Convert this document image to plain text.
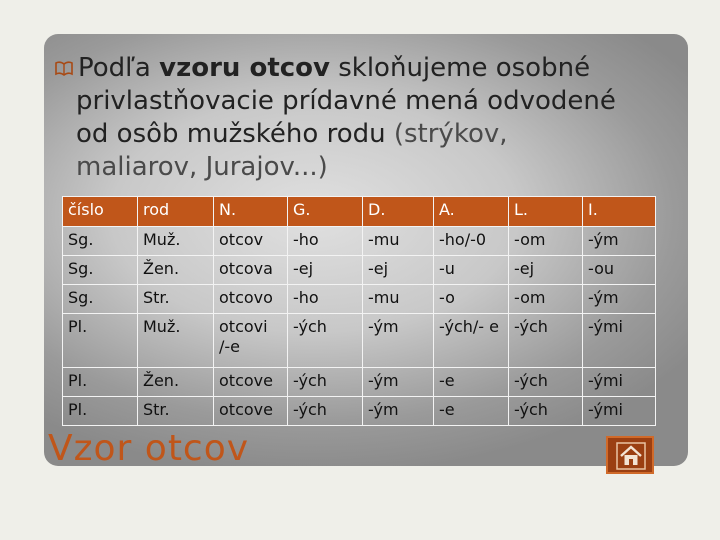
Podľa vzoru otcov skloňujeme osobné
privlastňovacie prídavné mená odvodené
od osôb mužského rodu (strýkov,
maliarov, Jurajov...)
číslo	rod	N.	G.	D.	A.	L.	I.
Sg.	Muž.	otcov	-ho	-mu	-ho/-0	-om	-ým
Sg.	Žen.	otcova	-ej	-ej	-u	-ej	-ou
Sg.	Str.	otcovo	-ho	-mu	-o	-om	-ým
Pl.	Muž.	otcovi /-e	-ých	-ým	-ých/- e	-ých	-ými
Pl.	Žen.	otcove	-ých	-ým	-e	-ých	-ými
Pl.	Str.	otcove	-ých	-ým	-e	-ých	-ými
Vzor otcov
